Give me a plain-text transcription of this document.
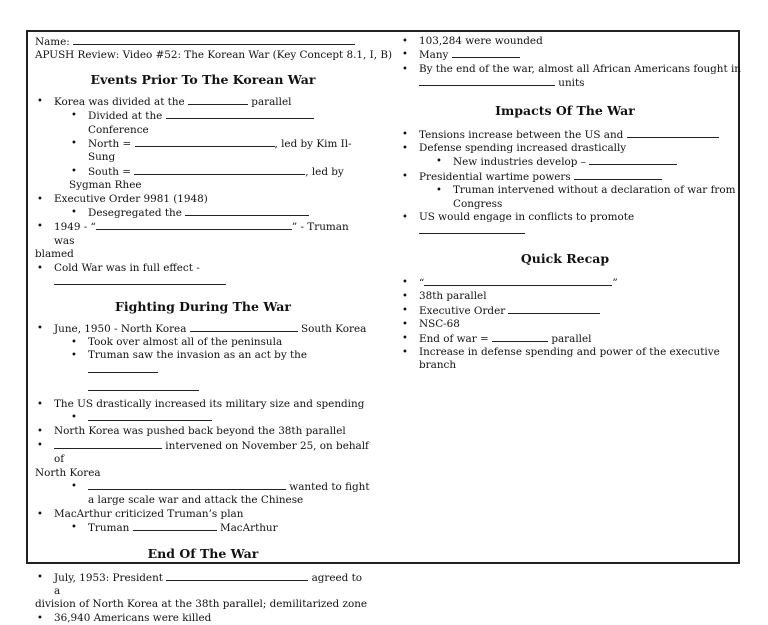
Name:
APUSH Review: Video #52: The Korean War (Key Concept 8.1, I, B)
Events Prior To The Korean War
• Korea was divided at the	parallel
• Divided at the  Conference
• North =	, led by Kim Il-Sung
• South =	, led by
Sygman Rhee
• Executive Order 9981 (1948)
• Desegregated the
• 1949 - “	” - Truman was
blamed
• Cold War was in full effect -
Fighting During The War
• June, 1950 - North Korea	South Korea
• Took over almost all of the peninsula
• Truman saw the invasion as an act by the

• The US drastically increased its military size and spending
•
• North Korea was pushed back beyond the 38th parallel
• intervened on November 25, on behalf of
North Korea
• wanted to fight
a large scale war and attack the Chinese
• MacArthur criticized Truman’s plan
• Truman	MacArthur
End Of The War
• July, 1953: President	agreed to a
division of North Korea at the 38th parallel; demilitarized zone
• 36,940 Americans were killed
• 103,284 were wounded
• Many
• By the end of the war, almost all African Americans fought in
units
Impacts Of The War
• Tensions increase between the US and
• Defense spending increased drastically
• New industries develop –
• Presidential wartime powers
• Truman intervened without a declaration of war from
Congress
• US would engage in conflicts to promote
Quick Recap
• “	”
• 38th parallel
• Executive Order
• NSC-68
• End of war =	parallel
• Increase in defense spending and power of the executive
branch
